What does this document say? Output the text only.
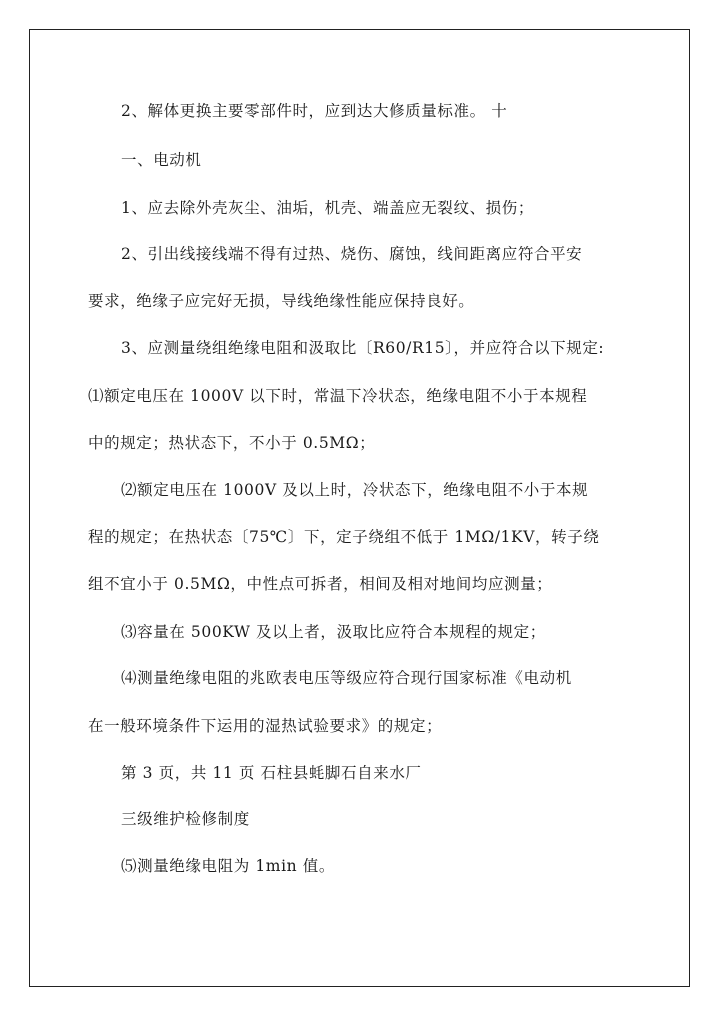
2、解体更换主要零部件时，应到达大修质量标准。 十
一、电动机
1、应去除外壳灰尘、油垢，机壳、端盖应无裂纹、损伤；
2、引出线接线端不得有过热、烧伤、腐蚀，线间距离应符合平安
要求，绝缘子应完好无损，导线绝缘性能应保持良好。
3、应测量绕组绝缘电阻和汲取比〔R60/R15〕，并应符合以下规定:
⑴额定电压在 1000V 以下时，常温下冷状态，绝缘电阻不小于本规程
中的规定；热状态下，不小于 0.5MΩ；
⑵额定电压在 1000V 及以上时，冷状态下，绝缘电阻不小于本规
程的规定；在热状态〔75℃〕下，定子绕组不低于 1MΩ/1KV，转子绕
组不宜小于 0.5MΩ，中性点可拆者，相间及相对地间均应测量；
⑶容量在 500KW 及以上者，汲取比应符合本规程的规定；
⑷测量绝缘电阻的兆欧表电压等级应符合现行国家标准《电动机
在一般环境条件下运用的湿热试验要求》的规定；
第 3 页，共 11 页 石柱县蚝脚石自来水厂
三级维护检修制度
⑸测量绝缘电阻为 1min 值。
